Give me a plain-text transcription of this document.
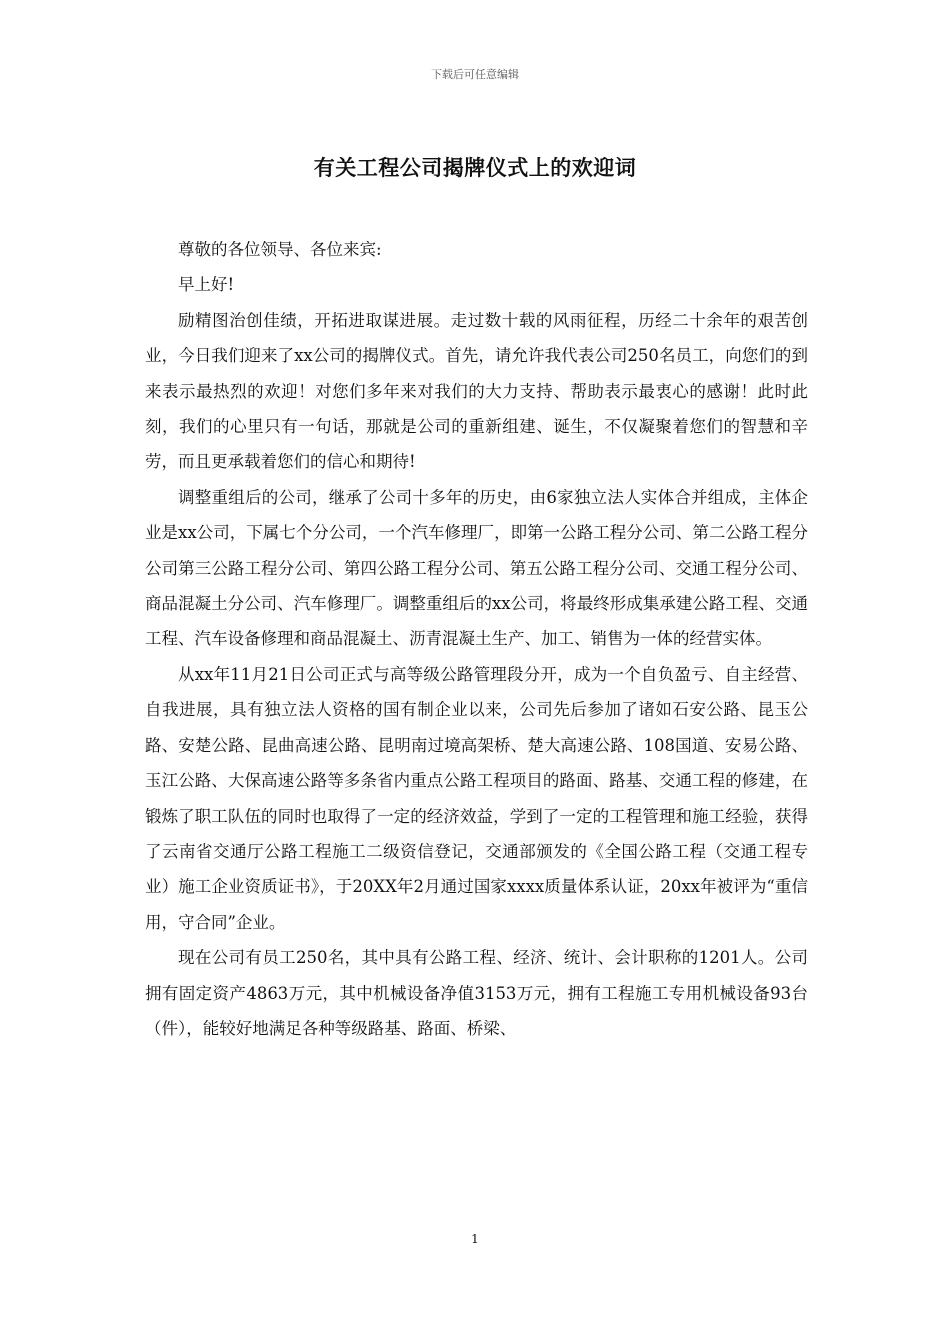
下载后可任意编辑
有关工程公司揭牌仪式上的欢迎词

尊敬的各位领导、各位来宾:

早上好!

励精图治创佳绩，开拓进取谋进展。走过数十载的风雨征程，历经二十余年的艰苦创业，今日我们迎来了xx公司的揭牌仪式。首先，请允许我代表公司250名员工，向您们的到来表示最热烈的欢迎！对您们多年来对我们的大力支持、帮助表示最衷心的感谢！此时此刻，我们的心里只有一句话，那就是公司的重新组建、诞生，不仅凝聚着您们的智慧和辛劳，而且更承载着您们的信心和期待!

调整重组后的公司，继承了公司十多年的历史，由6家独立法人实体合并组成，主体企业是xx公司，下属七个分公司，一个汽车修理厂，即第一公路工程分公司、第二公路工程分公司第三公路工程分公司、第四公路工程分公司、第五公路工程分公司、交通工程分公司、商品混凝土分公司、汽车修理厂。调整重组后的xx公司，将最终形成集承建公路工程、交通工程、汽车设备修理和商品混凝土、沥青混凝土生产、加工、销售为一体的经营实体。

从xx年11月21日公司正式与高等级公路管理段分开，成为一个自负盈亏、自主经营、自我进展，具有独立法人资格的国有制企业以来，公司先后参加了诸如石安公路、昆玉公路、安楚公路、昆曲高速公路、昆明南过境高架桥、楚大高速公路、108国道、安易公路、玉江公路、大保高速公路等多条省内重点公路工程项目的路面、路基、交通工程的修建，在锻炼了职工队伍的同时也取得了一定的经济效益，学到了一定的工程管理和施工经验，获得了云南省交通厅公路工程施工二级资信登记，交通部颁发的《全国公路工程（交通工程专业）施工企业资质证书》，于20XX年2月通过国家xxxx质量体系认证，20xx年被评为“重信用，守合同”企业。

现在公司有员工250名，其中具有公路工程、经济、统计、会计职称的1201人。公司拥有固定资产4863万元，其中机械设备净值3153万元，拥有工程施工专用机械设备93台（件），能较好地满足各种等级路基、路面、桥梁、

1
